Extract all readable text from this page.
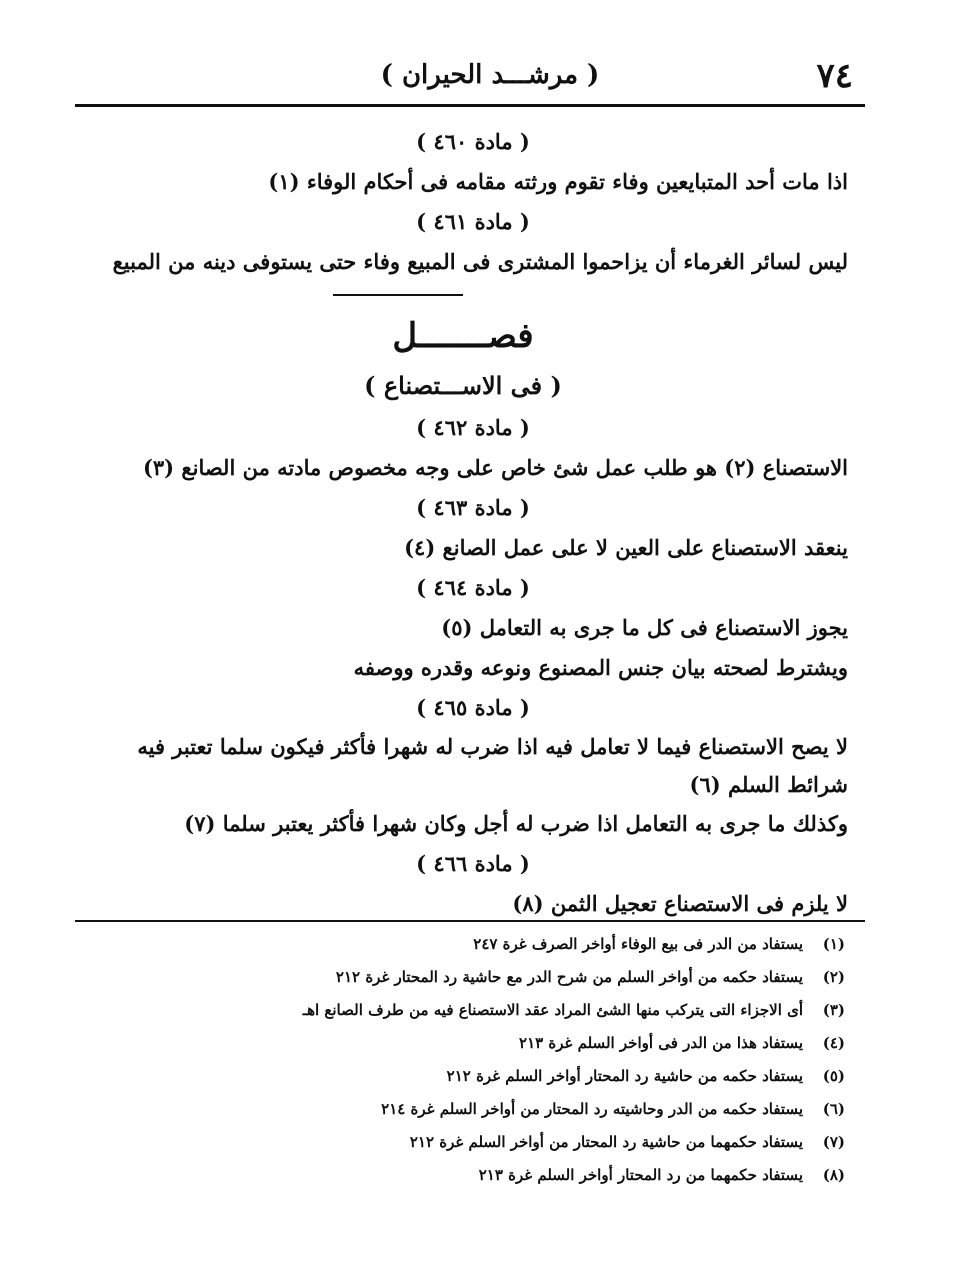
٧٤
( مرشـــد الحيران )
( مادة ٤٦٠ )
اذا مات أحد المتبايعين وفاء تقوم ورثته مقامه فى أحكام الوفاء (١)
( مادة ٤٦١ )
ليس لسائر الغرماء أن يزاحموا المشترى فى المبيع وفاء حتى يستوفى دينه من المبيع
فصـــــــل
( فى الاســـتصناع )
( مادة ٤٦٢ )
الاستصناع (٢) هو طلب عمل شئ خاص على وجه مخصوص مادته من الصانع (٣)
( مادة ٤٦٣ )
ينعقد الاستصناع على العين لا على عمل الصانع (٤)
( مادة ٤٦٤ )
يجوز الاستصناع فى كل ما جرى به التعامل (٥)
ويشترط لصحته بيان جنس المصنوع ونوعه وقدره ووصفه
( مادة ٤٦٥ )
لا يصح الاستصناع فيما لا تعامل فيه اذا ضرب له شهرا فأكثر فيكون سلما تعتبر فيه شرائط السلم (٦)
وكذلك ما جرى به التعامل اذا ضرب له أجل وكان شهرا فأكثر يعتبر سلما (٧)
( مادة ٤٦٦ )
لا يلزم فى الاستصناع تعجيل الثمن (٨)
(١)
يستفاد من الدر فى بيع الوفاء أواخر الصرف غرة ٢٤٧
(٢)
يستفاد حكمه من أواخر السلم من شرح الدر مع حاشية رد المحتار غرة ٢١٢
(٣)
أى الاجزاء التى يتركب منها الشئ المراد عقد الاستصناع فيه من طرف الصانع اهـ
(٤)
يستفاد هذا من الدر فى أواخر السلم غرة ٢١٣
(٥)
يستفاد حكمه من حاشية رد المحتار أواخر السلم غرة ٢١٢
(٦)
يستفاد حكمه من الدر وحاشيته رد المحتار من أواخر السلم غرة ٢١٤
(٧)
يستفاد حكمهما من حاشية رد المحتار من أواخر السلم غرة ٢١٢
(٨)
يستفاد حكمهما من رد المحتار أواخر السلم غرة ٢١٣
